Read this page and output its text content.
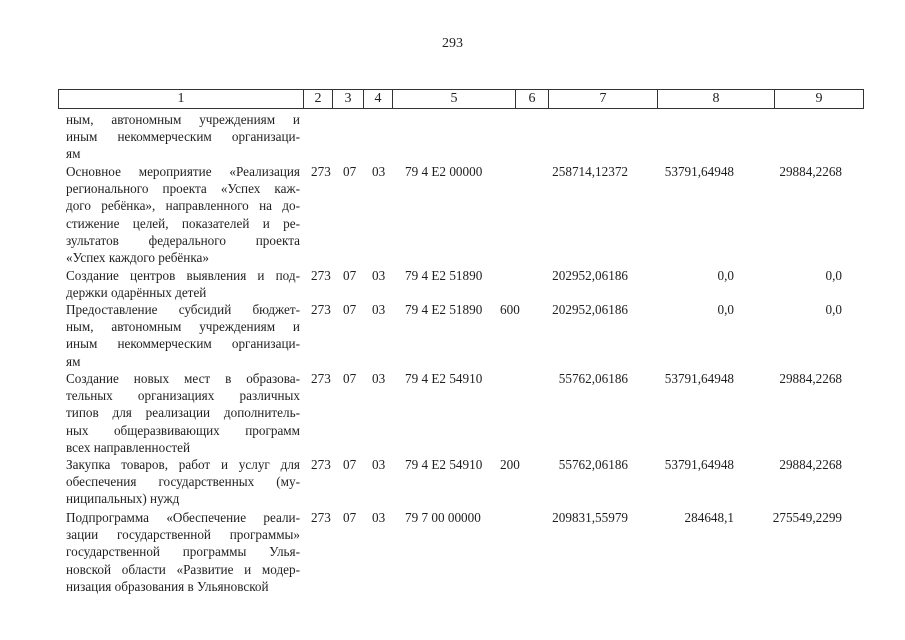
293
1	2	3	4	5	6	7	8	9
ным, автономным учреждениям и
иным некоммерческим организаци-
ям
Основное мероприятие «Реализация
регионального проекта «Успех каж-
дого ребёнка», направленного на до-
стижение целей, показателей и ре-
зультатов федерального проекта
«Успех каждого ребёнка»
273 07 03 79 4 E2 00000	258714,12372	53791,64948	29884,2268
Создание центров выявления и под-
держки одарённых детей
273 07 03 79 4 E2 51890	202952,06186	0,0	0,0
Предоставление субсидий бюджет-
ным, автономным учреждениям и
иным некоммерческим организаци-
ям
273 07 03 79 4 E2 51890 600	202952,06186	0,0	0,0
Создание новых мест в образова-
тельных организациях различных
типов для реализации дополнитель-
ных общеразвивающих программ
всех направленностей
273 07 03 79 4 E2 54910	55762,06186	53791,64948	29884,2268
Закупка товаров, работ и услуг для
обеспечения государственных (му-
ниципальных) нужд
273 07 03 79 4 E2 54910 200	55762,06186	53791,64948	29884,2268
Подпрограмма «Обеспечение реали-
зации государственной программы»
государственной программы Улья-
новской области «Развитие и модер-
низация образования в Ульяновской
273 07 03 79 7 00 00000	209831,55979	284648,1	275549,2299
